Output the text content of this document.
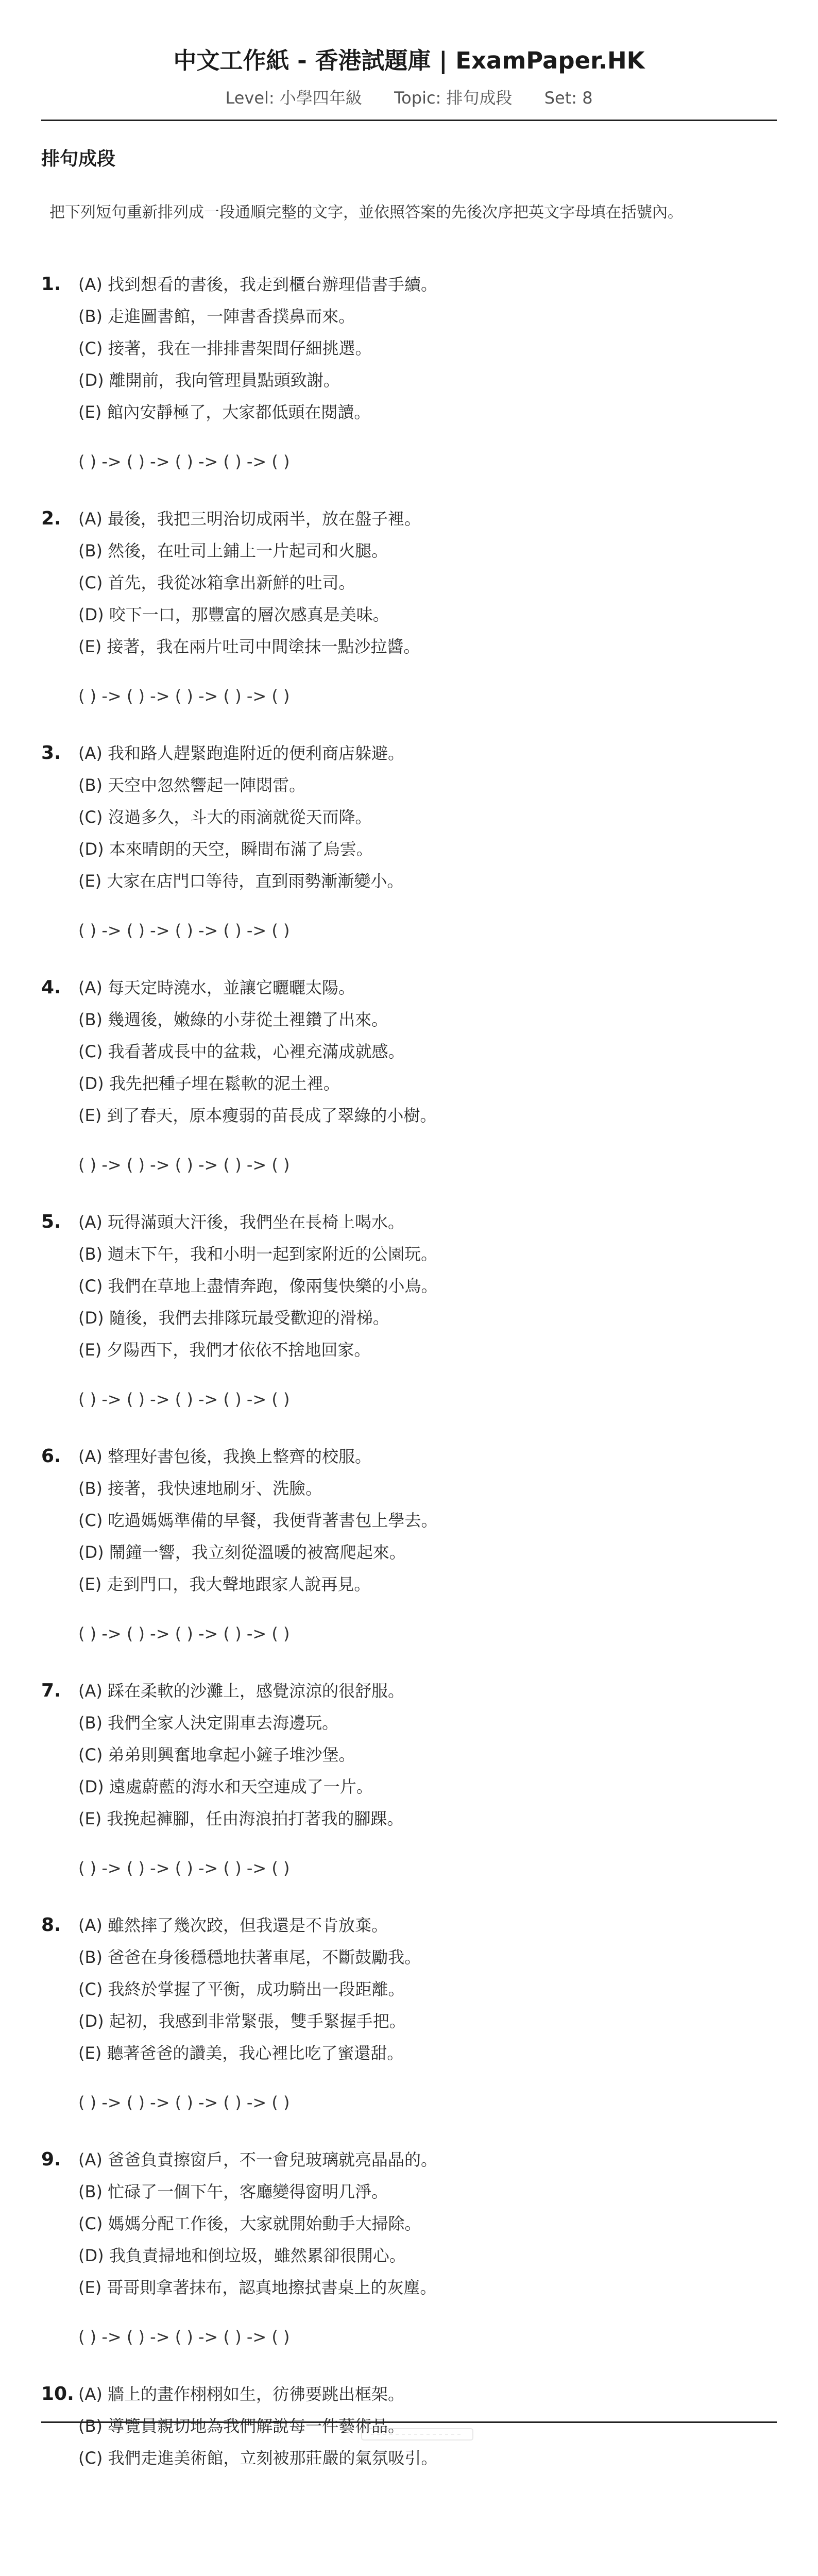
中文工作紙 - 香港試題庫 | ExamPaper.HK
Level: 小學四年級 Topic: 排句成段 Set: 8
排句成段
把下列短句重新排列成一段通順完整的文字，並依照答案的先後次序把英文字母填在括號內。
1.	(A) 找到想看的書後，我走到櫃台辦理借書手續。
(B) 走進圖書館，一陣書香撲鼻而來。
(C) 接著，我在一排排書架間仔細挑選。
(D) 離開前，我向管理員點頭致謝。
(E) 館內安靜極了，大家都低頭在閱讀。
( ) -> ( ) -> ( ) -> ( ) -> ( )
2.	(A) 最後，我把三明治切成兩半，放在盤子裡。
(B) 然後，在吐司上鋪上一片起司和火腿。
(C) 首先，我從冰箱拿出新鮮的吐司。
(D) 咬下一口，那豐富的層次感真是美味。
(E) 接著，我在兩片吐司中間塗抹一點沙拉醬。
( ) -> ( ) -> ( ) -> ( ) -> ( )
3.	(A) 我和路人趕緊跑進附近的便利商店躲避。
(B) 天空中忽然響起一陣悶雷。
(C) 沒過多久，斗大的雨滴就從天而降。
(D) 本來晴朗的天空，瞬間布滿了烏雲。
(E) 大家在店門口等待，直到雨勢漸漸變小。
( ) -> ( ) -> ( ) -> ( ) -> ( )
4.	(A) 每天定時澆水，並讓它曬曬太陽。
(B) 幾週後，嫩綠的小芽從土裡鑽了出來。
(C) 我看著成長中的盆栽，心裡充滿成就感。
(D) 我先把種子埋在鬆軟的泥土裡。
(E) 到了春天，原本瘦弱的苗長成了翠綠的小樹。
( ) -> ( ) -> ( ) -> ( ) -> ( )
5.	(A) 玩得滿頭大汗後，我們坐在長椅上喝水。
(B) 週末下午，我和小明一起到家附近的公園玩。
(C) 我們在草地上盡情奔跑，像兩隻快樂的小鳥。
(D) 隨後，我們去排隊玩最受歡迎的滑梯。
(E) 夕陽西下，我們才依依不捨地回家。
( ) -> ( ) -> ( ) -> ( ) -> ( )
6.	(A) 整理好書包後，我換上整齊的校服。
(B) 接著，我快速地刷牙、洗臉。
(C) 吃過媽媽準備的早餐，我便背著書包上學去。
(D) 鬧鐘一響，我立刻從溫暖的被窩爬起來。
(E) 走到門口，我大聲地跟家人說再見。
( ) -> ( ) -> ( ) -> ( ) -> ( )
7.	(A) 踩在柔軟的沙灘上，感覺涼涼的很舒服。
(B) 我們全家人決定開車去海邊玩。
(C) 弟弟則興奮地拿起小鏟子堆沙堡。
(D) 遠處蔚藍的海水和天空連成了一片。
(E) 我挽起褲腳，任由海浪拍打著我的腳踝。
( ) -> ( ) -> ( ) -> ( ) -> ( )
8.	(A) 雖然摔了幾次跤，但我還是不肯放棄。
(B) 爸爸在身後穩穩地扶著車尾，不斷鼓勵我。
(C) 我終於掌握了平衡，成功騎出一段距離。
(D) 起初，我感到非常緊張，雙手緊握手把。
(E) 聽著爸爸的讚美，我心裡比吃了蜜還甜。
( ) -> ( ) -> ( ) -> ( ) -> ( )
9.	(A) 爸爸負責擦窗戶，不一會兒玻璃就亮晶晶的。
(B) 忙碌了一個下午，客廳變得窗明几淨。
(C) 媽媽分配工作後，大家就開始動手大掃除。
(D) 我負責掃地和倒垃圾，雖然累卻很開心。
(E) 哥哥則拿著抹布，認真地擦拭書桌上的灰塵。
( ) -> ( ) -> ( ) -> ( ) -> ( )
10. (A) 牆上的畫作栩栩如生，彷彿要跳出框架。
(B) 導覽員親切地為我們解說每一件藝術品。
(C) 我們走進美術館，立刻被那莊嚴的氣氛吸引。
